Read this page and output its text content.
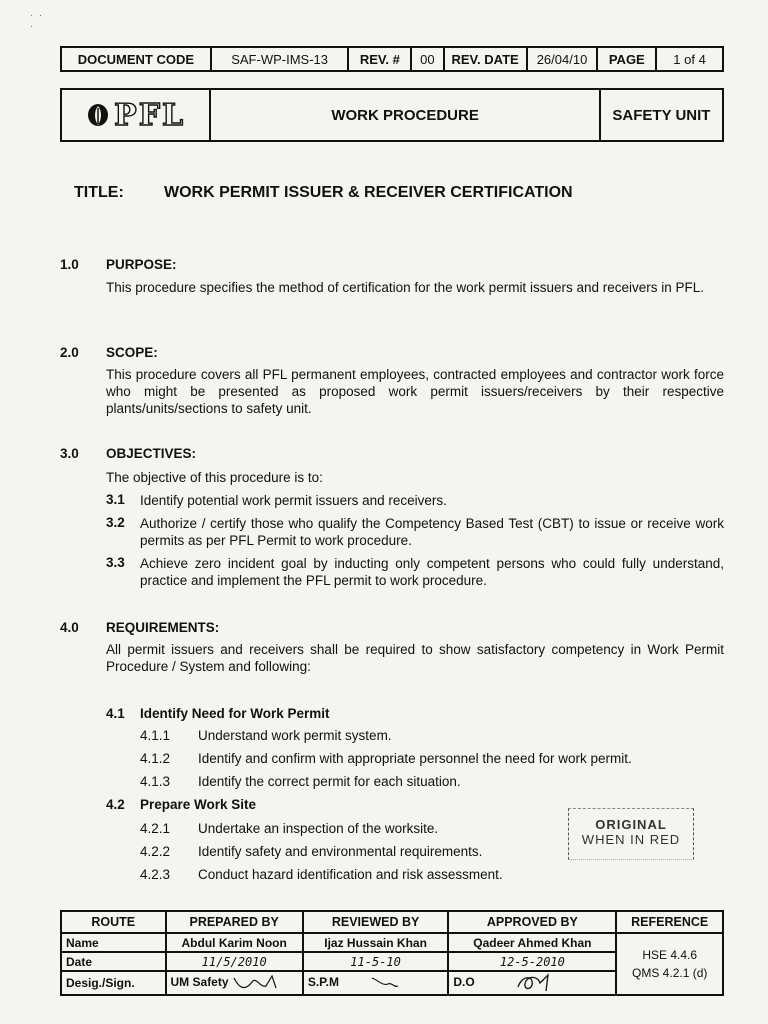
·  ·
·
DOCUMENT CODE	SAF-WP-IMS-13	REV. #	00	REV. DATE	26/04/10	PAGE	1 of 4
PFL	WORK PROCEDURE	SAFETY UNIT
TITLE:	WORK PERMIT ISSUER & RECEIVER CERTIFICATION
1.0 PURPOSE:
This procedure specifies the method of certification for the work permit issuers and receivers in PFL.
2.0 SCOPE:
This procedure covers all PFL permanent employees, contracted employees and contractor work force who might be presented as proposed work permit issuers/receivers by their respective plants/units/sections to safety unit.
3.0 OBJECTIVES:
The objective of this procedure is to:
3.1 Identify potential work permit issuers and receivers.
3.2 Authorize / certify those who qualify the Competency Based Test (CBT) to issue or receive work permits as per PFL Permit to work procedure.
3.3 Achieve zero incident goal by inducting only competent persons who could fully understand, practice and implement the PFL permit to work procedure.
4.0 REQUIREMENTS:
All permit issuers and receivers shall be required to show satisfactory competency in Work Permit Procedure / System and following:
4.1 Identify Need for Work Permit
4.1.1 Understand work permit system.
4.1.2 Identify and confirm with appropriate personnel the need for work permit.
4.1.3 Identify the correct permit for each situation.
4.2 Prepare Work Site
4.2.1 Undertake an inspection of the worksite.
4.2.2 Identify safety and environmental requirements.
4.2.3 Conduct hazard identification and risk assessment.
ORIGINAL
WHEN IN RED
ROUTE	PREPARED BY	REVIEWED BY	APPROVED BY	REFERENCE
Name	Abdul Karim Noon	Ijaz Hussain Khan	Qadeer Ahmed Khan	HSE 4.4.6
QMS 4.2.1 (d)

Date	11/5/2010	11-5-10	12-5-2010	
Desig./Sign.	UM Safety	S.P.M	D.O	
